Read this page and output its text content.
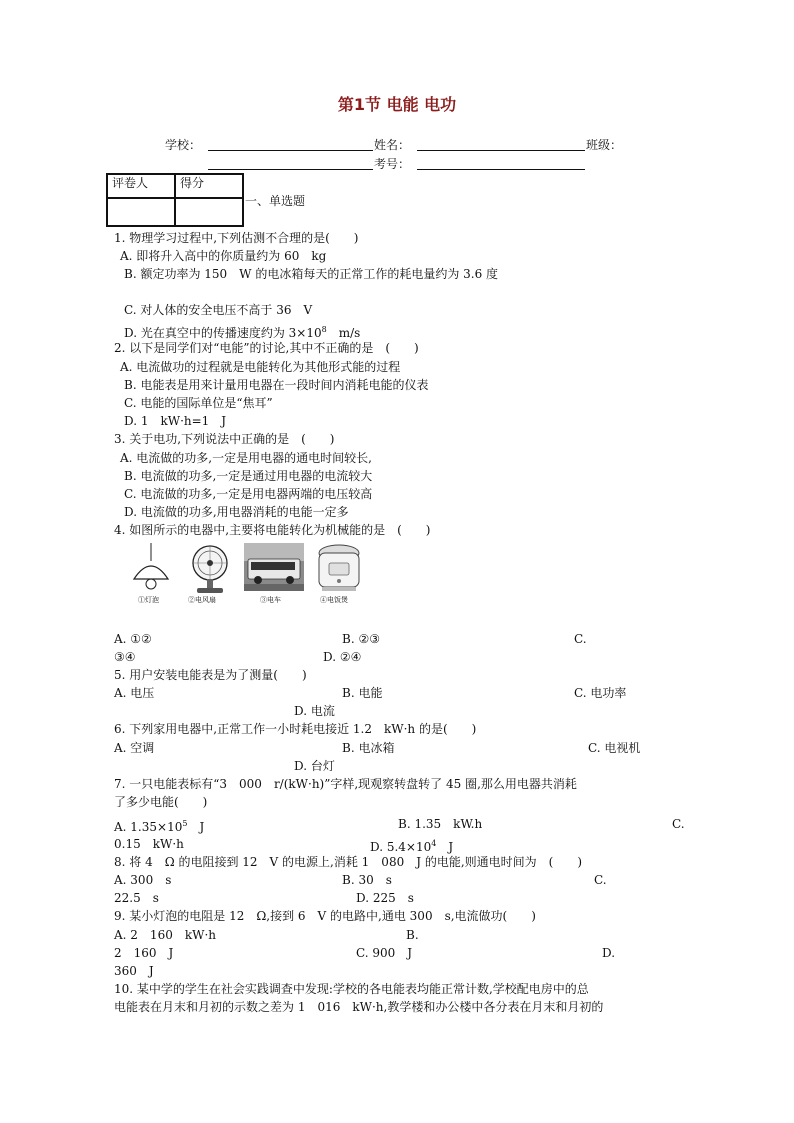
第1节 电能 电功
学校：	姓名：	班级：
考号：
评卷人	得分

一、单选题
1. 物理学习过程中,下列估测不合理的是(　　)
A. 即将升入高中的你质量约为 60　kg
B. 额定功率为 150　W 的电冰箱每天的正常工作的耗电量约为 3.6 度
C. 对人体的安全电压不高于 36　V
D. 光在真空中的传播速度约为 $3\times 10^8$　m/s
2. 以下是同学们对“电能”的讨论,其中不正确的是　(　　)
A. 电流做功的过程就是电能转化为其他形式能的过程
B. 电能表是用来计量用电器在一段时间内消耗电能的仪表
C. 电能的国际单位是“焦耳”
D. 1　kW·h=1　J
3. 关于电功,下列说法中正确的是　(　　)
A. 电流做的功多,一定是用电器的通电时间较长,
B. 电流做的功多,一定是通过用电器的电流较大
C. 电流做的功多,一定是用电器两端的电压较高
D. 电流做的功多,用电器消耗的电能一定多
4. 如图所示的电器中,主要将电能转化为机械能的是　(　　)
①灯泡	②电风扇	③电车	④电饭煲
A. ①②	B. ②③	C.
③④	D. ②④
5. 用户安装电能表是为了测量(　　)
A. 电压	B. 电能	C. 电功率
D. 电流
6. 下列家用电器中,正常工作一小时耗电接近 1.2　kW·h 的是(　　)
A. 空调	B. 电冰箱	C. 电视机
D. 台灯
7. 一只电能表标有“3　000　r/(kW·h)”字样,现观察转盘转了 45 圈,那么用电器共消耗
了多少电能(　　)
A. $1.35\times 10^5$　J	B. 1.35　kW.h	C.
0.15　kW·h	D. $5.4\times 10^4$　J
8. 将 4　Ω 的电阻接到 12　V 的电源上,消耗 1　080　J 的电能,则通电时间为　(　　)
A. 300　s	B. 30　s	C.
22.5　s	D. 225　s
9. 某小灯泡的电阻是 12　Ω,接到 6　V 的电路中,通电 300　s,电流做功(　　)
A. 2　160　kW·h	B.
2　160　J	C. 900　J	D.
360　J
10. 某中学的学生在社会实践调查中发现:学校的各电能表均能正常计数,学校配电房中的总
电能表在月末和月初的示数之差为 1　016　kW·h,教学楼和办公楼中各分表在月末和月初的
